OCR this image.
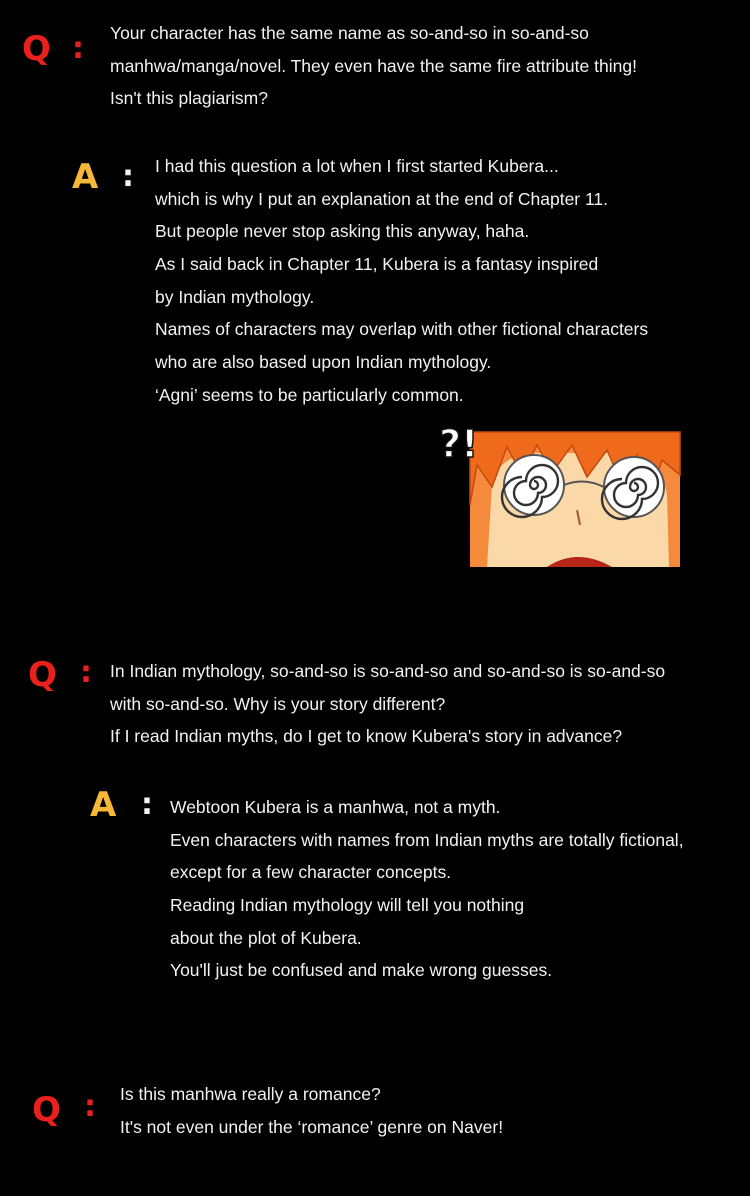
Q : Your character has the same name as so-and-so in so-and-so
manhwa/manga/novel. They even have the same fire attribute thing!
Isn't this plagiarism?
A : I had this question a lot when I first started Kubera...
which is why I put an explanation at the end of Chapter 11.
But people never stop asking this anyway, haha.
As I said back in Chapter 11, Kubera is a fantasy inspired
by Indian mythology.
Names of characters may overlap with other fictional characters
who are also based upon Indian mythology.
‘Agni’ seems to be particularly common.
?!
Q : In Indian mythology, so-and-so is so-and-so and so-and-so is so-and-so
with so-and-so. Why is your story different?
If I read Indian myths, do I get to know Kubera's story in advance?
A : Webtoon Kubera is a manhwa, not a myth.
Even characters with names from Indian myths are totally fictional,
except for a few character concepts.
Reading Indian mythology will tell you nothing
about the plot of Kubera.
You'll just be confused and make wrong guesses.
Q : Is this manhwa really a romance?
It's not even under the ‘romance’ genre on Naver!
